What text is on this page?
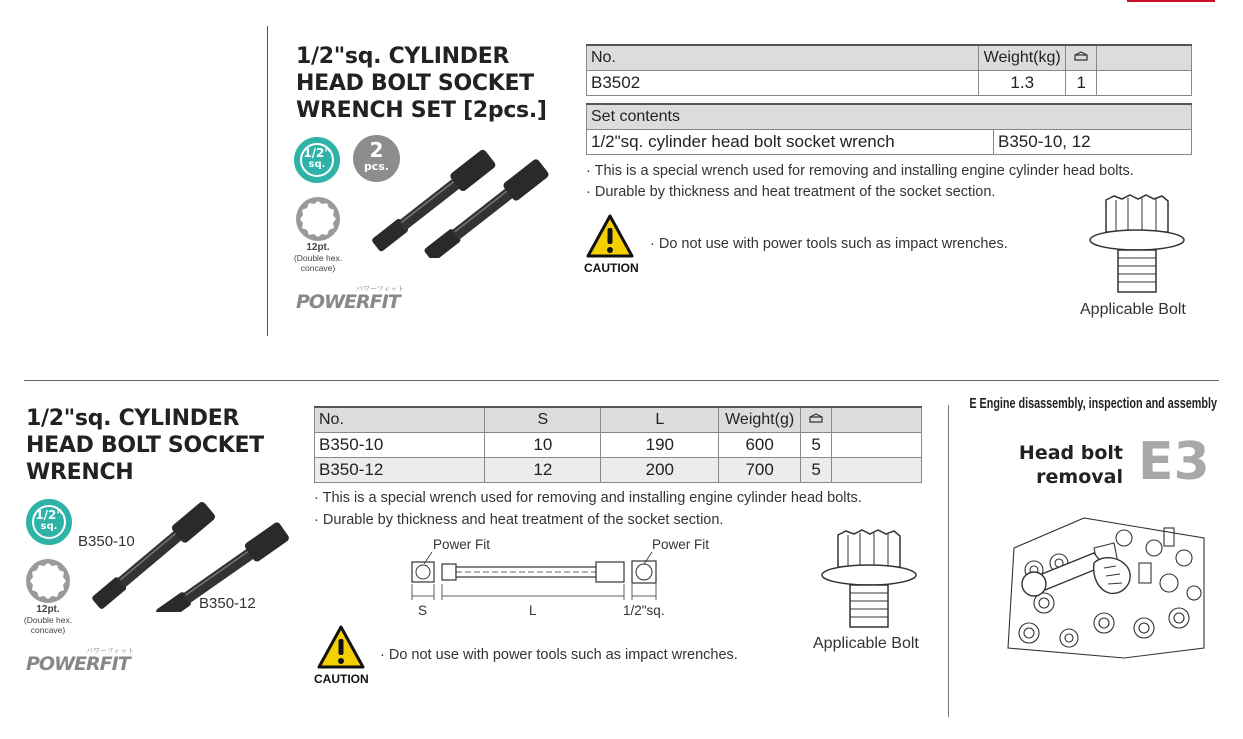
1/2"sq. CYLINDER
HEAD BOLT SOCKET
WRENCH SET [2pcs.]
1/2"
sq.
2
pcs.
12pt.
(Double hex.
concave)
パワーフィット
POWERFIT
No.	Weight(kg)		
B3502	1.3	1	
Set contents
1/2"sq. cylinder head bolt socket wrench	B350-10, 12
· This is a special wrench used for removing and installing engine cylinder head bolts.
· Durable by thickness and heat treatment of the socket section.
CAUTION
· Do not use with power tools such as impact wrenches.
Applicable Bolt
1/2"sq. CYLINDER
HEAD BOLT SOCKET
WRENCH
1/2"
sq.
12pt.
(Double hex.
concave)
パワーフィット
POWERFIT
B350-10
B350-12
No.	S	L	Weight(g)		
B350-10	10	190	600	5	
B350-12	12	200	700	5	
· This is a special wrench used for removing and installing engine cylinder head bolts.
· Durable by thickness and heat treatment of the socket section.
Power Fit	Power Fit
S	L	1/2"sq.
CAUTION
· Do not use with power tools such as impact wrenches.
Applicable Bolt
E Engine disassembly, inspection and assembly
Head bolt
removal E3
